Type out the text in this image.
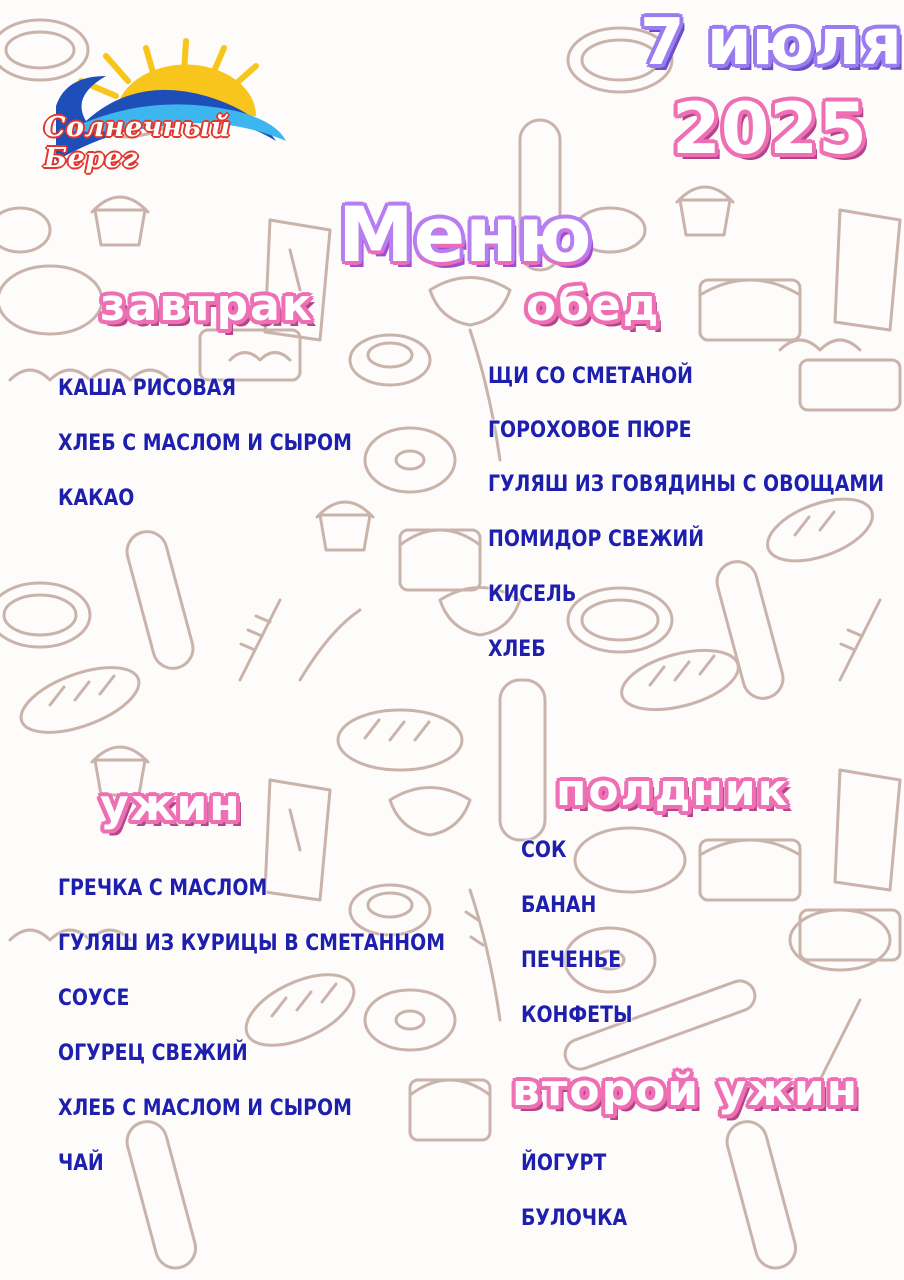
Солнечный Берег
7 июля
2025
Меню
завтрак	обед
ужин	полдник
второй ужин
КАША РИСОВАЯ
ХЛЕБ С МАСЛОМ И СЫРОМ
КАКАО
ЩИ СО СМЕТАНОЙ
ГОРОХОВОЕ ПЮРЕ
ГУЛЯШ ИЗ ГОВЯДИНЫ С ОВОЩАМИ
ПОМИДОР СВЕЖИЙ
КИСЕЛЬ
ХЛЕБ
ГРЕЧКА С МАСЛОМ
ГУЛЯШ ИЗ КУРИЦЫ В СМЕТАННОМ
СОУСЕ
ОГУРЕЦ СВЕЖИЙ
ХЛЕБ С МАСЛОМ И СЫРОМ
ЧАЙ
СОК
БАНАН
ПЕЧЕНЬЕ
КОНФЕТЫ
ЙОГУРТ
БУЛОЧКА
